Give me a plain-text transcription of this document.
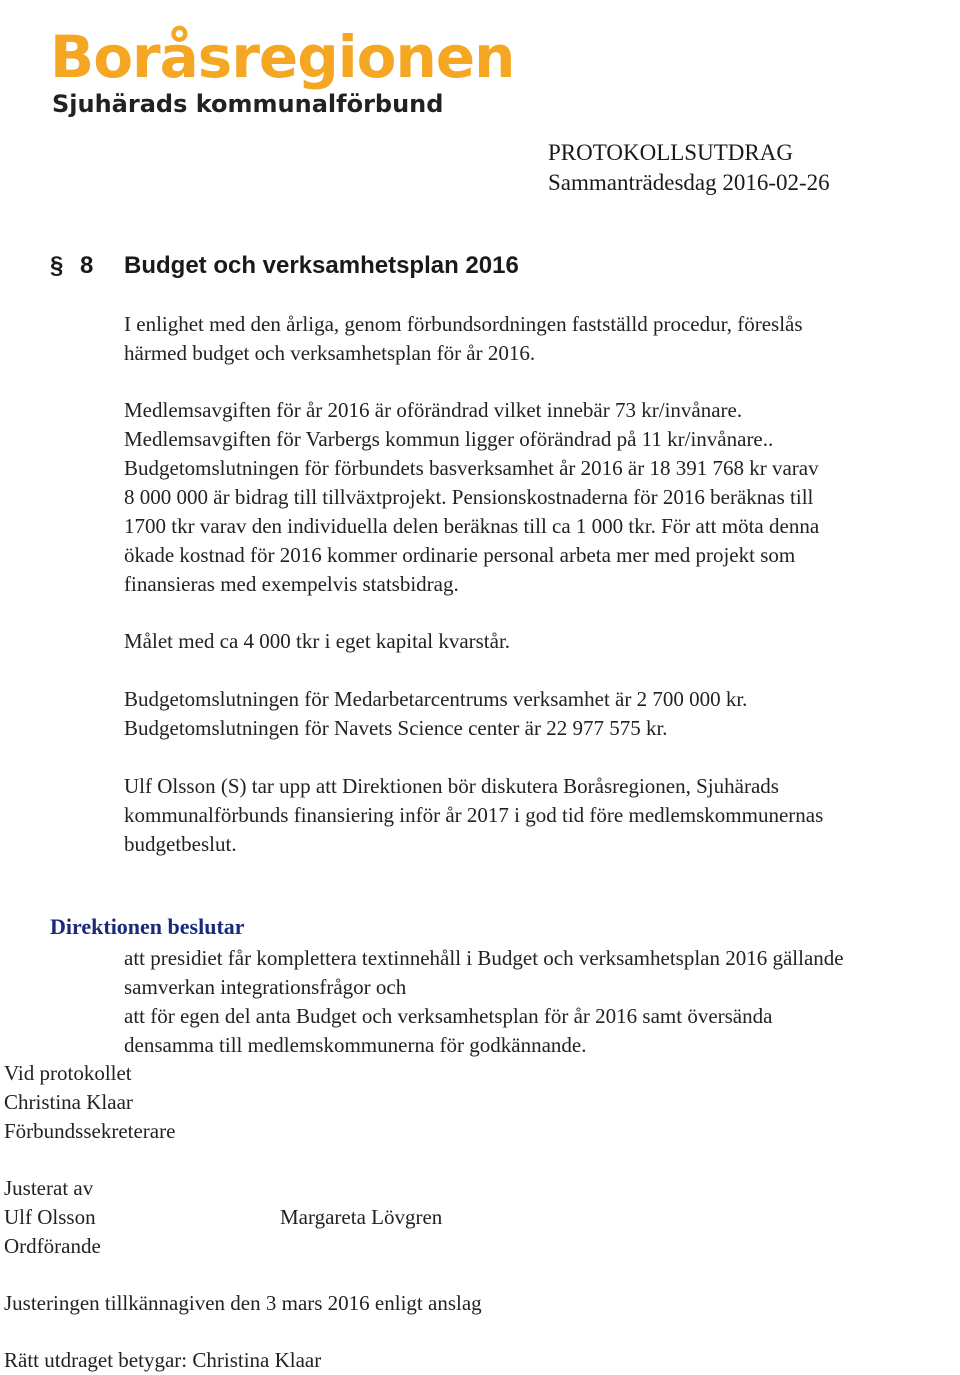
Boråsregionen
Sjuhärads kommunalförbund
PROTOKOLLSUTDRAG
Sammanträdesdag 2016-02-26
§ 8 Budget och verksamhetsplan 2016
I enlighet med den årliga, genom förbundsordningen fastställd procedur, föreslås
härmed budget och verksamhetsplan för år 2016.
Medlemsavgiften för år 2016 är oförändrad vilket innebär 73 kr/invånare.
Medlemsavgiften för Varbergs kommun ligger oförändrad på 11 kr/invånare..
Budgetomslutningen för förbundets basverksamhet år 2016 är 18 391 768 kr varav
8 000 000 är bidrag till tillväxtprojekt. Pensionskostnaderna för 2016 beräknas till
1700 tkr varav den individuella delen beräknas till ca 1 000 tkr. För att möta denna
ökade kostnad för 2016 kommer ordinarie personal arbeta mer med projekt som
finansieras med exempelvis statsbidrag.
Målet med ca 4 000 tkr i eget kapital kvarstår.
Budgetomslutningen för Medarbetarcentrums verksamhet är 2 700 000 kr.
Budgetomslutningen för Navets Science center är 22 977 575 kr.
Ulf Olsson (S) tar upp att Direktionen bör diskutera Boråsregionen, Sjuhärads
kommunalförbunds finansiering inför år 2017 i god tid före medlemskommunernas
budgetbeslut.
Direktionen beslutar
att presidiet får komplettera textinnehåll i Budget och verksamhetsplan 2016 gällande
samverkan integrationsfrågor och
att för egen del anta Budget och verksamhetsplan för år 2016 samt översända
densamma till medlemskommunerna för godkännande.
Vid protokollet
Christina Klaar
Förbundssekreterare
Justerat av
Ulf Olsson
Ordförande
Margareta Lövgren
Justeringen tillkännagiven den 3 mars 2016 enligt anslag
Rätt utdraget betygar: Christina Klaar
